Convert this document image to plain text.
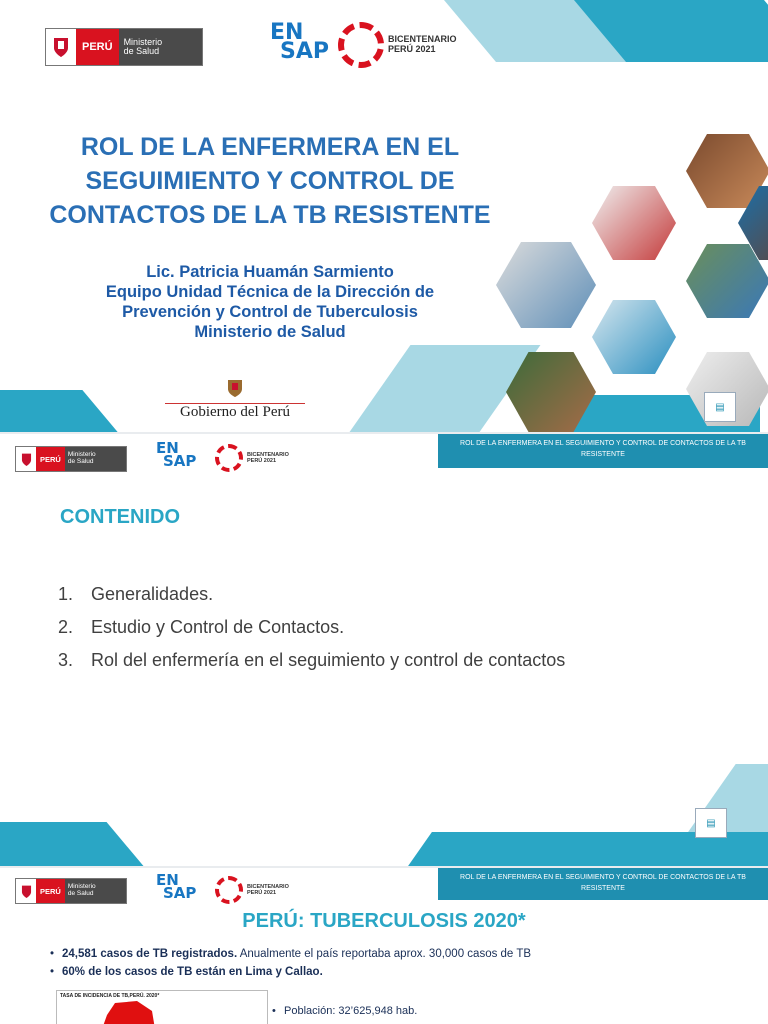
PERÚ	Ministerio
de Salud
EN
SAP	BICENTENARIO
PERÚ 2021
ROL DE LA ENFERMERA EN EL
SEGUIMIENTO Y CONTROL DE
CONTACTOS DE LA TB RESISTENTE
Lic. Patricia Huamán Sarmiento
Equipo Unidad Técnica de la Dirección de
Prevención y Control de Tuberculosis
Ministerio de Salud
Gobierno del Perú	▤
PERÚ	Ministerio
de Salud
EN
SAP	BICENTENARIO
PERÚ 2021
ROL DE LA ENFERMERA EN EL SEGUIMIENTO Y CONTROL DE CONTACTOS DE LA TB
RESISTENTE
CONTENIDO
1. Generalidades.
2. Estudio y Control de Contactos.
3. Rol del enfermería en el seguimiento y control de contactos
▤
PERÚ	Ministerio
de Salud
EN
SAP	BICENTENARIO
PERÚ 2021
ROL DE LA ENFERMERA EN EL SEGUIMIENTO Y CONTROL DE CONTACTOS DE LA TB
RESISTENTE
PERÚ: TUBERCULOSIS 2020*
• 24,581 casos de TB registrados. Anualmente el país reportaba aprox. 30,000 casos de TB
• 60% de los casos de TB están en Lima y Callao.
TASA DE INCIDENCIA DE TB,PERÚ. 2020*
• Población: 32’625,948 hab.
